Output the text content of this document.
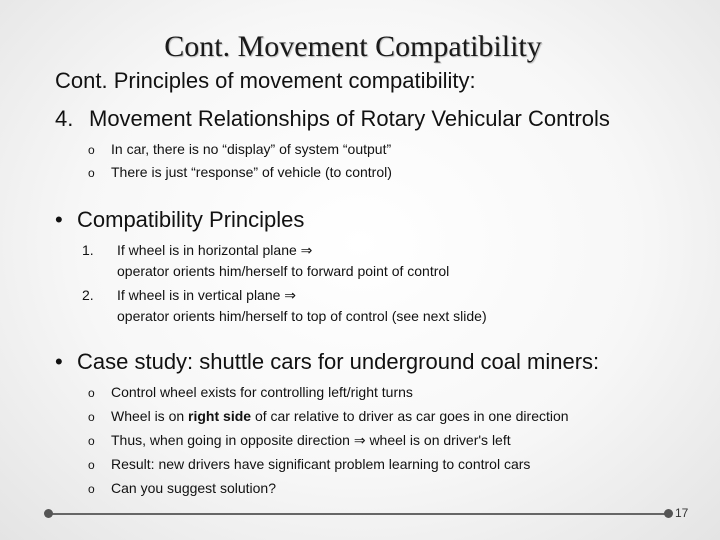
Cont. Movement Compatibility
Cont. Principles of movement compatibility:
4. Movement Relationships of Rotary Vehicular Controls
o In car, there is no “display” of system “output”
o There is just “response” of vehicle (to control)
• Compatibility Principles
1.	If wheel is in horizontal plane ⇒
operator orients him/herself to forward point of control
2.	If wheel is in vertical plane ⇒
operator orients him/herself to top of control (see next slide)
• Case study: shuttle cars for underground coal miners:
o Control wheel exists for controlling left/right turns
o Wheel is on right side of car relative to driver as car goes in one direction
o Thus, when going in opposite direction ⇒ wheel is on driver's left
o Result: new drivers have significant problem learning to control cars
o Can you suggest solution?
17
